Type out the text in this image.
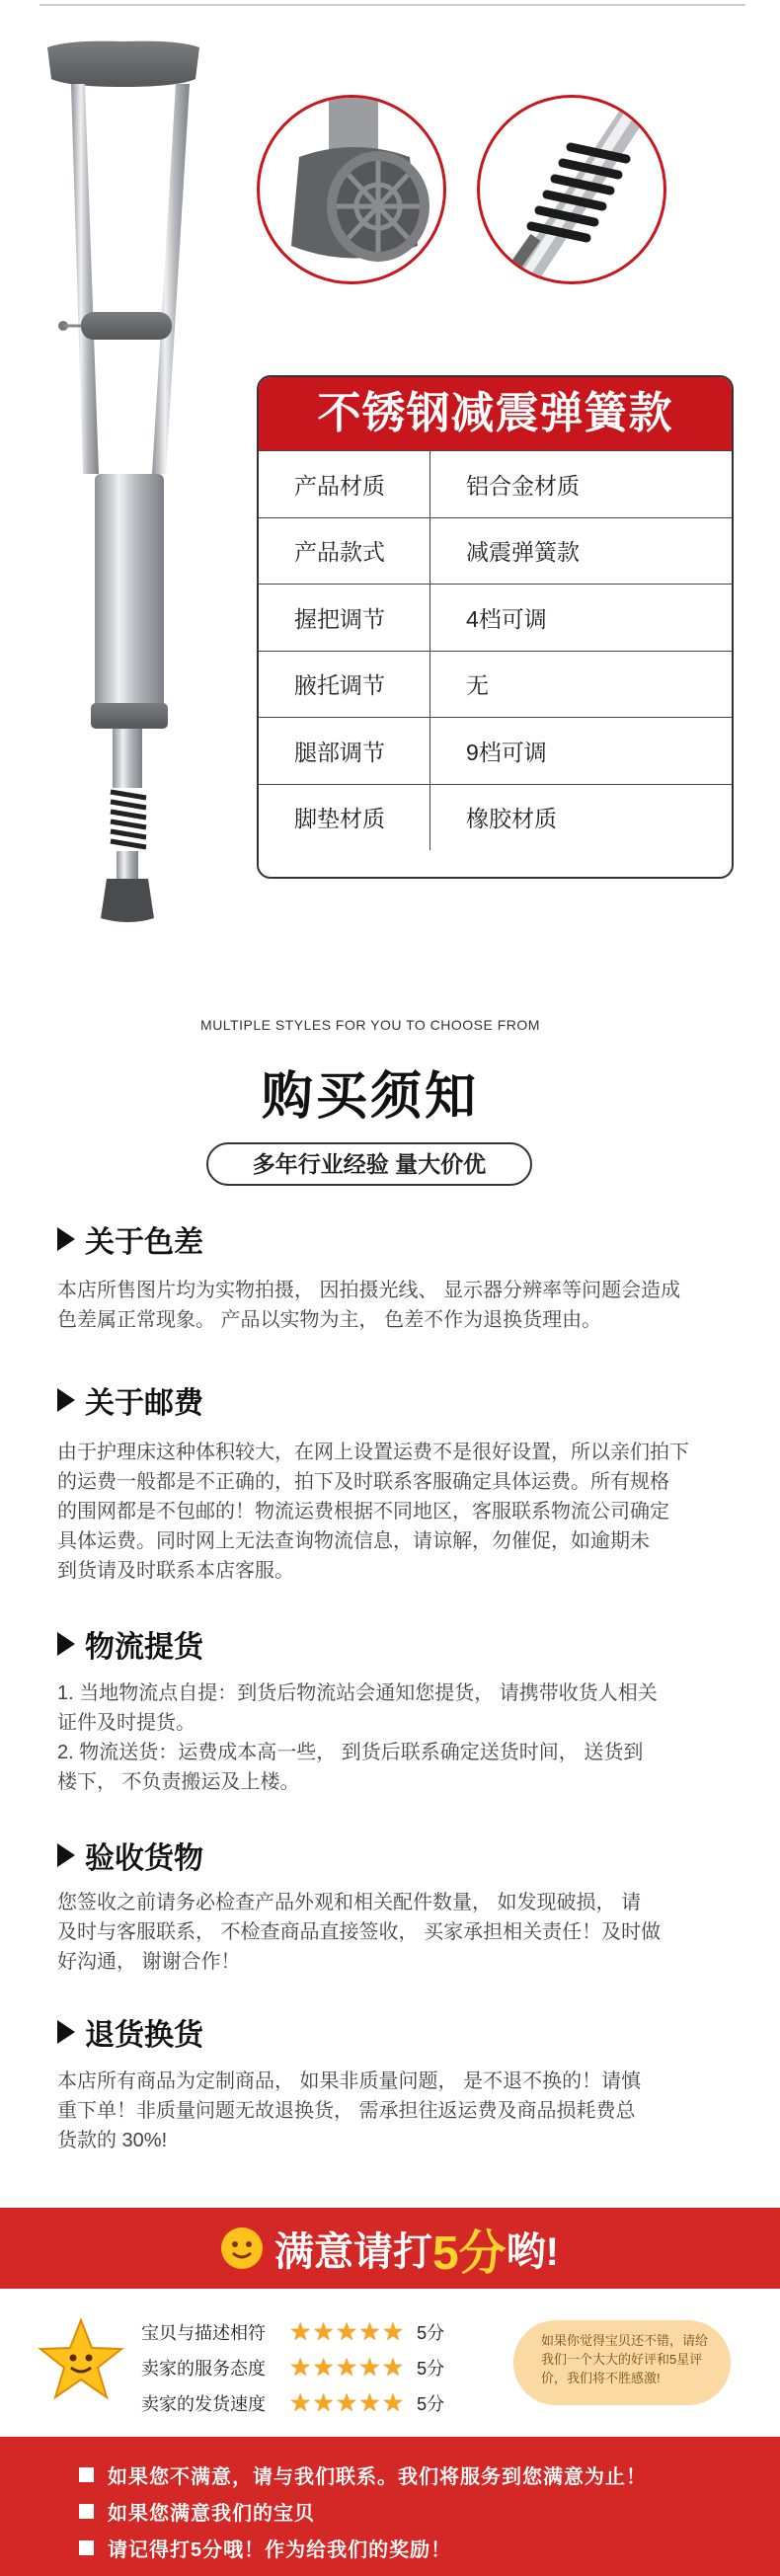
不锈钢减震弹簧款
产品材质	铝合金材质
产品款式	减震弹簧款
握把调节	4档可调
腋托调节	无
腿部调节	9档可调
脚垫材质	橡胶材质
MULTIPLE STYLES FOR YOU TO CHOOSE FROM
购买须知
多年行业经验 量大价优
关于色差
本店所售图片均为实物拍摄， 因拍摄光线、 显示器分辨率等问题会造成
色差属正常现象。 产品以实物为主， 色差不作为退换货理由。
关于邮费
由于护理床这种体积较大，在网上设置运费不是很好设置，所以亲们拍下
的运费一般都是不正确的，拍下及时联系客服确定具体运费。所有规格
的围网都是不包邮的！物流运费根据不同地区，客服联系物流公司确定
具体运费。同时网上无法查询物流信息，请谅解，勿催促，如逾期未
到货请及时联系本店客服。
物流提货
1. 当地物流点自提：到货后物流站会通知您提货， 请携带收货人相关
证件及时提货。
2. 物流送货：运费成本高一些， 到货后联系确定送货时间， 送货到
楼下， 不负责搬运及上楼。
验收货物
您签收之前请务必检查产品外观和相关配件数量， 如发现破损， 请
及时与客服联系， 不检查商品直接签收， 买家承担相关责任！及时做
好沟通， 谢谢合作！
退货换货
本店所有商品为定制商品， 如果非质量问题， 是不退不换的！请慎
重下单！非质量问题无故退换货， 需承担往返运费及商品损耗费总
货款的 30%!
满意请打 5分 哟!
宝贝与描述相符 ★ ★ ★ ★ ★ 5分
卖家的服务态度 ★ ★ ★ ★ ★ 5分
卖家的发货速度 ★ ★ ★ ★ ★ 5分
如果你觉得宝贝还不错，请给我们一个大大的好评和5星评价，我们将不胜感激!
如果您不满意，请与我们联系。我们将服务到您满意为止！
如果您满意我们的宝贝
请记得打5分哦！作为给我们的奖励！
